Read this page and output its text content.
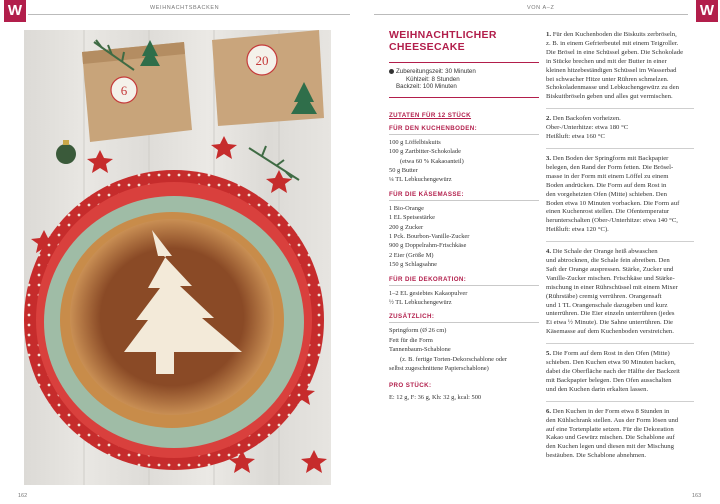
W	WEIHNACHTSBACKEN	VON A–Z	W
6
20
WEIHNACHTLICHER
CHEESECAKE
Zubereitungszeit: 30 Minuten
Kühlzeit: 8 Stunden
Backzeit: 100 Minuten
ZUTATEN FÜR 12 STÜCK
FÜR DEN KUCHENBODEN:
100 g Löffelbiskuits
100 g Zartbitter-Schokolade
(etwa 60 % Kakaoanteil)
50 g Butter
¼ TL Lebkuchengewürz
FÜR DIE KÄSEMASSE:
1 Bio-Orange
1 EL Speisestärke
200 g Zucker
1 Pck. Bourbon-Vanille-Zucker
900 g Doppelrahm-Frischkäse
2 Eier (Größe M)
150 g Schlagsahne
FÜR DIE DEKORATION:
1–2 EL gesiebtes Kakaopulver
½ TL Lebkuchengewürz
ZUSÄTZLICH:
Springform (Ø 26 cm)
Fett für die Form
Tannenbaum-Schablone
(z. B. fertige Torten-Dekorschablone oder
selbst zugeschnittene Papierschablone)
PRO STÜCK:
E: 12 g, F: 36 g, Kh: 32 g, kcal: 500
1. Für den Kuchenboden die Biskuits zerbröseln,
z. B. in einem Gefrierbeutel mit einem Teigroller.
Die Brösel in eine Schüssel geben. Die Schokolade
in Stücke brechen und mit der Butter in einer
kleinen hitzebeständigen Schüssel im Wasserbad
bei schwacher Hitze unter Rühren schmelzen.
Schokoladenmasse und Lebkuchengewürz zu den
Biskuitbröseln geben und alles gut vermischen.
2. Den Backofen vorheizen.
Ober-/Unterhitze: etwa 180 °C
Heißluft: etwa 160 °C
3. Den Boden der Springform mit Backpapier
belegen, den Rand der Form fetten. Die Brösel-
masse in der Form mit einem Löffel zu einem
Boden andrücken. Die Form auf dem Rost in
den vorgeheizten Ofen (Mitte) schieben. Den
Boden etwa 10 Minuten vorbacken. Die Form auf
einen Kuchenrost stellen. Die Ofentemperatur
herunterschalten (Ober-/Unterhitze: etwa 140 °C,
Heißluft: etwa 120 °C).
4. Die Schale der Orange heiß abwaschen
und abtrocknen, die Schale fein abreiben. Den
Saft der Orange auspressen. Stärke, Zucker und
Vanille-Zucker mischen. Frischkäse und Stärke-
mischung in einer Rührschüssel mit einem Mixer
(Rührstäbe) cremig verrühren. Orangensaft
und 1 TL Orangenschale dazugeben und kurz
unterrühren. Die Eier einzeln unterrühren (jedes
Ei etwa ½ Minute). Die Sahne unterrühren. Die
Käsemasse auf dem Kuchenboden verstreichen.
5. Die Form auf dem Rost in den Ofen (Mitte)
schieben. Den Kuchen etwa 90 Minuten backen,
dabei die Oberfläche nach der Hälfte der Backzeit
mit Backpapier belegen. Den Ofen ausschalten
und den Kuchen darin erkalten lassen.
6. Den Kuchen in der Form etwa 8 Stunden in
den Kühlschrank stellen. Aus der Form lösen und
auf eine Tortenplatte setzen. Für die Dekoration
Kakao und Gewürz mischen. Die Schablone auf
den Kuchen legen und diesen mit der Mischung
bestäuben. Die Schablone abnehmen.
162	163
